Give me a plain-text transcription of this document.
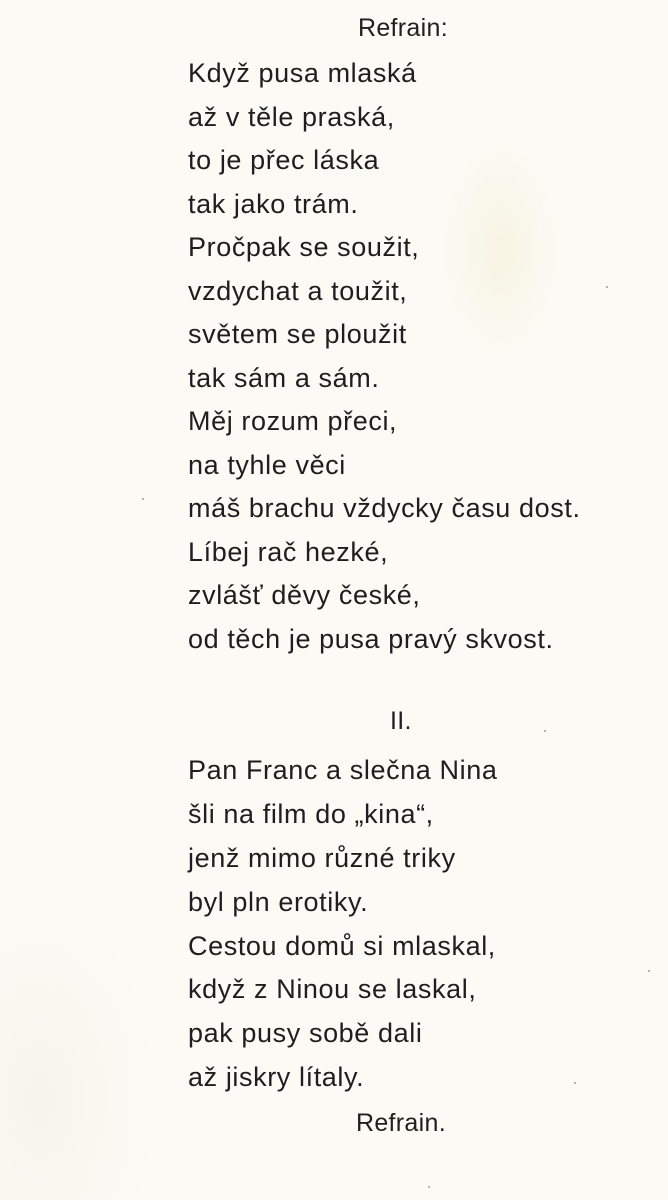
Refrain:
Když pusa mlaská
až v těle praská,
to je přec láska
tak jako trám.
Pročpak se soužit,
vzdychat a toužit,
světem se ploužit
tak sám a sám.
Měj rozum přeci,
na tyhle věci
máš brachu vždycky času dost.
Líbej rač hezké,
zvlášť děvy české,
od těch je pusa pravý skvost.
II.
Pan Franc a slečna Nina
šli na film do „kina“,
jenž mimo různé triky
byl pln erotiky.
Cestou domů si mlaskal,
když z Ninou se laskal,
pak pusy sobě dali
až jiskry lítaly.
Refrain.
